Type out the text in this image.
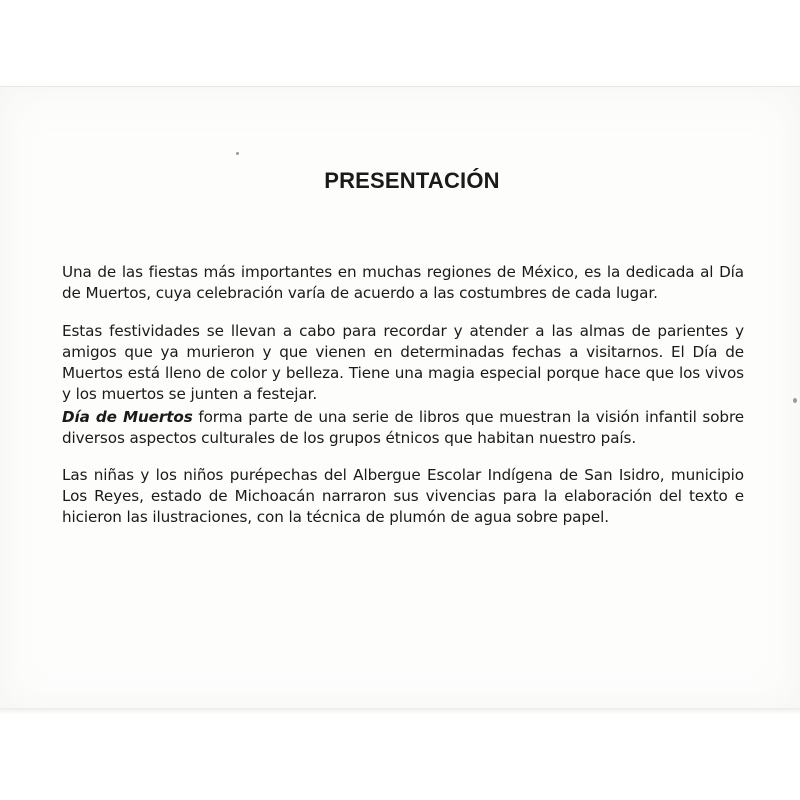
PRESENTACIÓN

Una de las fiestas más importantes en muchas regiones de México, es la dedicada al Día de Muertos, cuya celebración varía de acuerdo a las costumbres de cada lugar.

Estas festividades se llevan a cabo para recordar y atender a las almas de parientes y amigos que ya murieron y que vienen en determinadas fechas a visitarnos. El Día de Muertos está lleno de color y belleza. Tiene una magia especial porque hace que los vivos y los muertos se junten a festejar.

Día de Muertos forma parte de una serie de libros que muestran la visión infantil sobre diversos aspectos culturales de los grupos étnicos que habitan nuestro país.

Las niñas y los niños purépechas del Albergue Escolar Indígena de San Isidro, municipio Los Reyes, estado de Michoacán narraron sus vivencias para la elaboración del texto e hicieron las ilustraciones, con la técnica de plumón de agua sobre papel.
